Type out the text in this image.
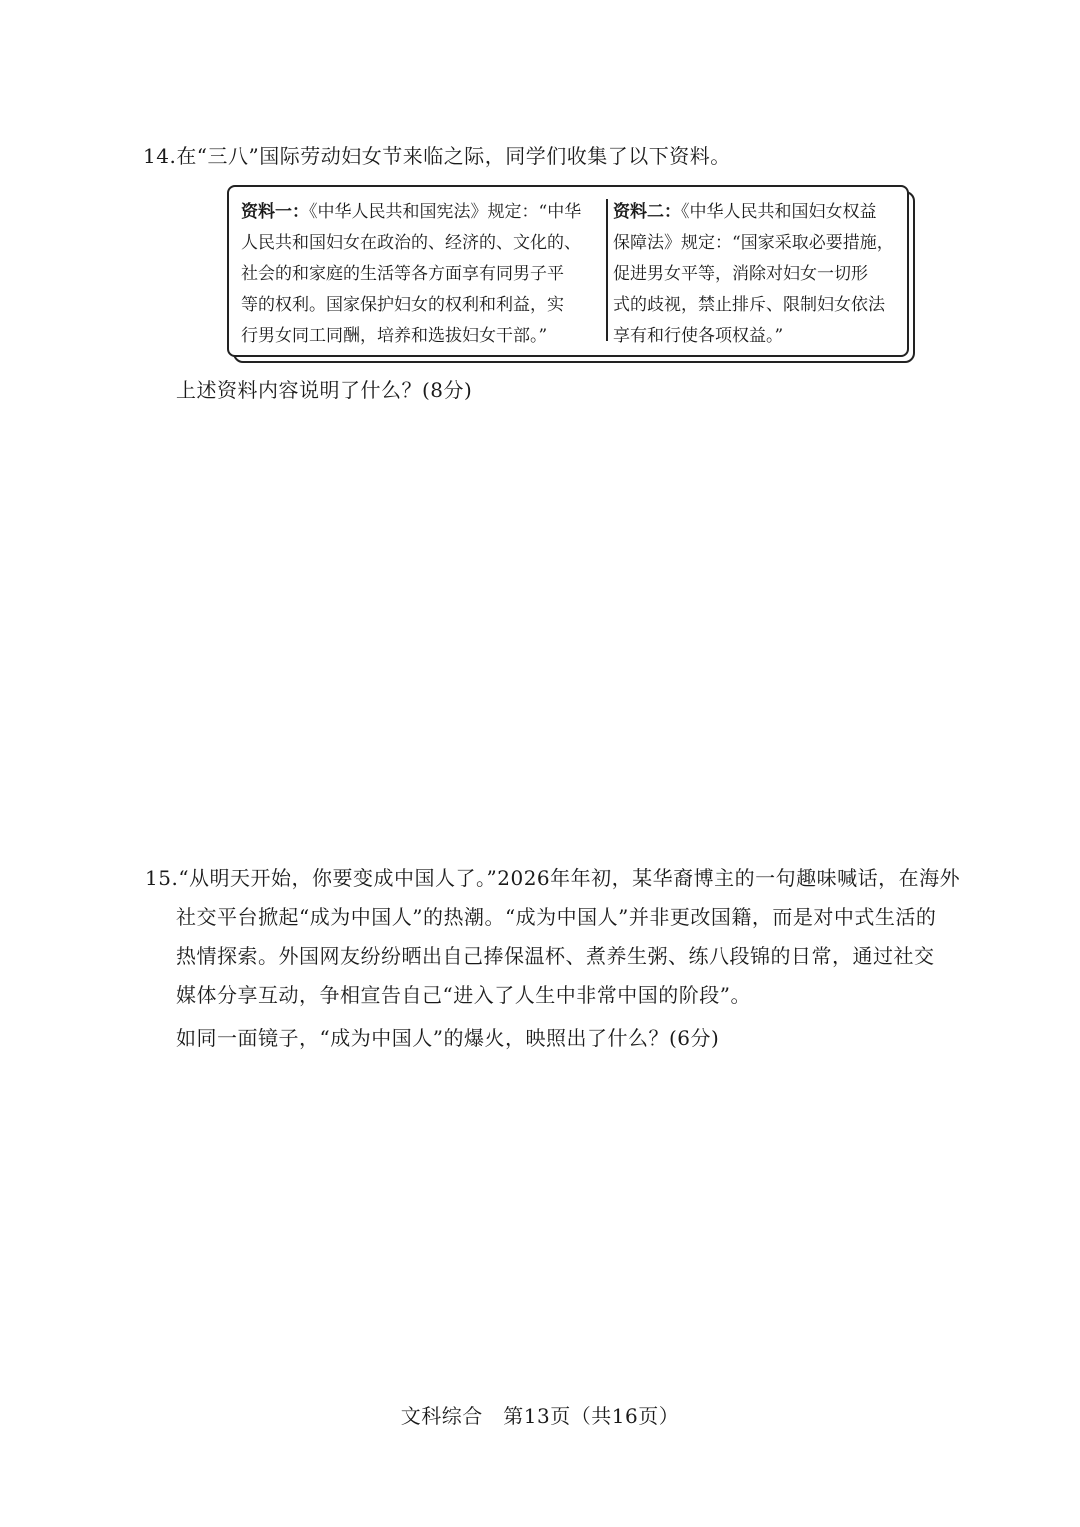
14.在“三八”国际劳动妇女节来临之际，同学们收集了以下资料。
资料一：《中华人民共和国宪法》规定：“中华
人民共和国妇女在政治的、经济的、文化的、
社会的和家庭的生活等各方面享有同男子平
等的权利。国家保护妇女的权利和利益，实
行男女同工同酬，培养和选拔妇女干部。”
资料二：《中华人民共和国妇女权益
保障法》规定：“国家采取必要措施，
促进男女平等，消除对妇女一切形
式的歧视，禁止排斥、限制妇女依法
享有和行使各项权益。”
上述资料内容说明了什么？(8分)
15.“从明天开始，你要变成中国人了。”2026年年初，某华裔博主的一句趣味喊话，在海外
社交平台掀起“成为中国人”的热潮。“成为中国人”并非更改国籍，而是对中式生活的
热情探索。外国网友纷纷晒出自己捧保温杯、煮养生粥、练八段锦的日常，通过社交
媒体分享互动，争相宣告自己“进入了人生中非常中国的阶段”。
如同一面镜子，“成为中国人”的爆火，映照出了什么？(6分)
文科综合　第13页（共16页）
